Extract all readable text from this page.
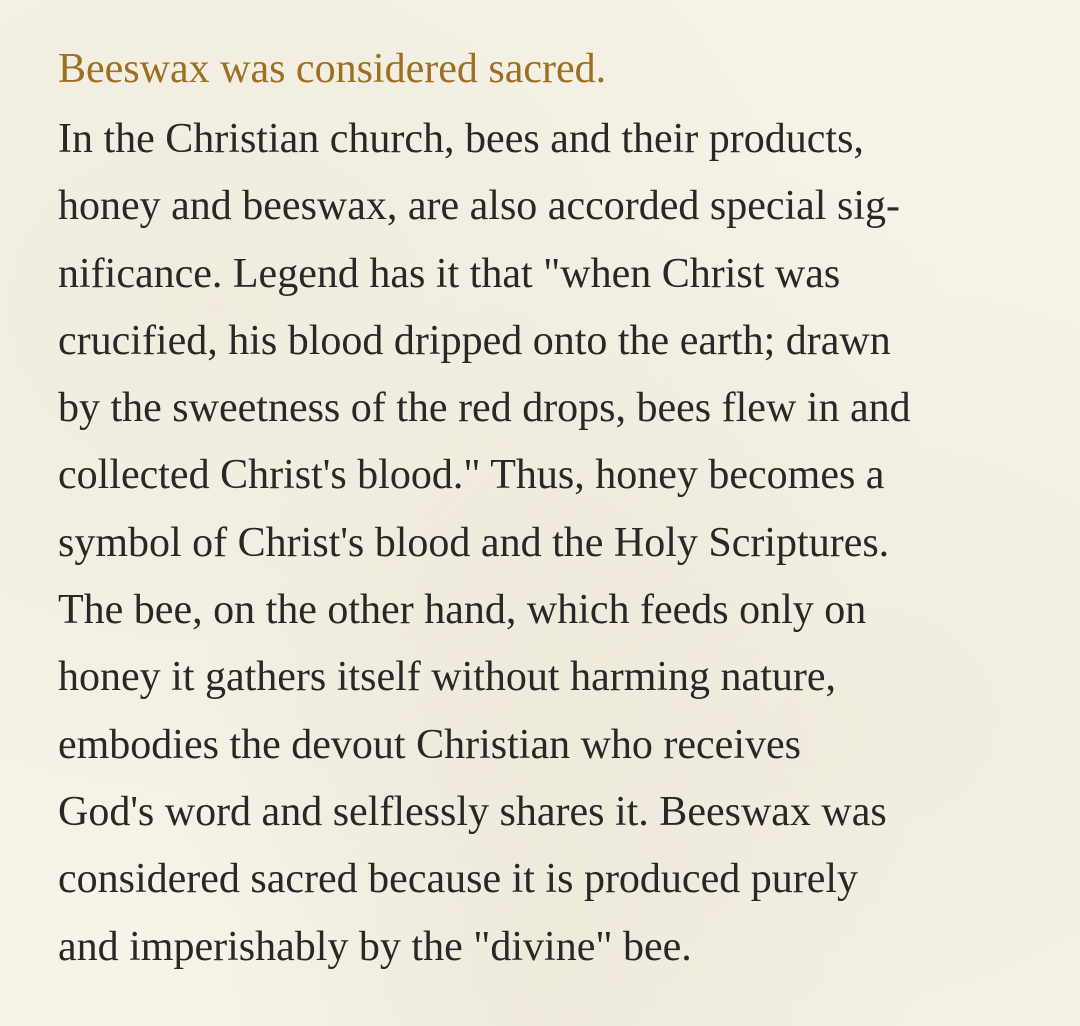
Beeswax was considered sacred.
In the Christian church, bees and their products,
honey and beeswax, are also accorded special sig-
nificance. Legend has it that "when Christ was
crucified, his blood dripped onto the earth; drawn
by the sweetness of the red drops, bees flew in and
collected Christ's blood." Thus, honey becomes a
symbol of Christ's blood and the Holy Scriptures.
The bee, on the other hand, which feeds only on
honey it gathers itself without harming nature,
embodies the devout Christian who receives
God's word and selflessly shares it. Beeswax was
considered sacred because it is produced purely
and imperishably by the "divine" bee.
